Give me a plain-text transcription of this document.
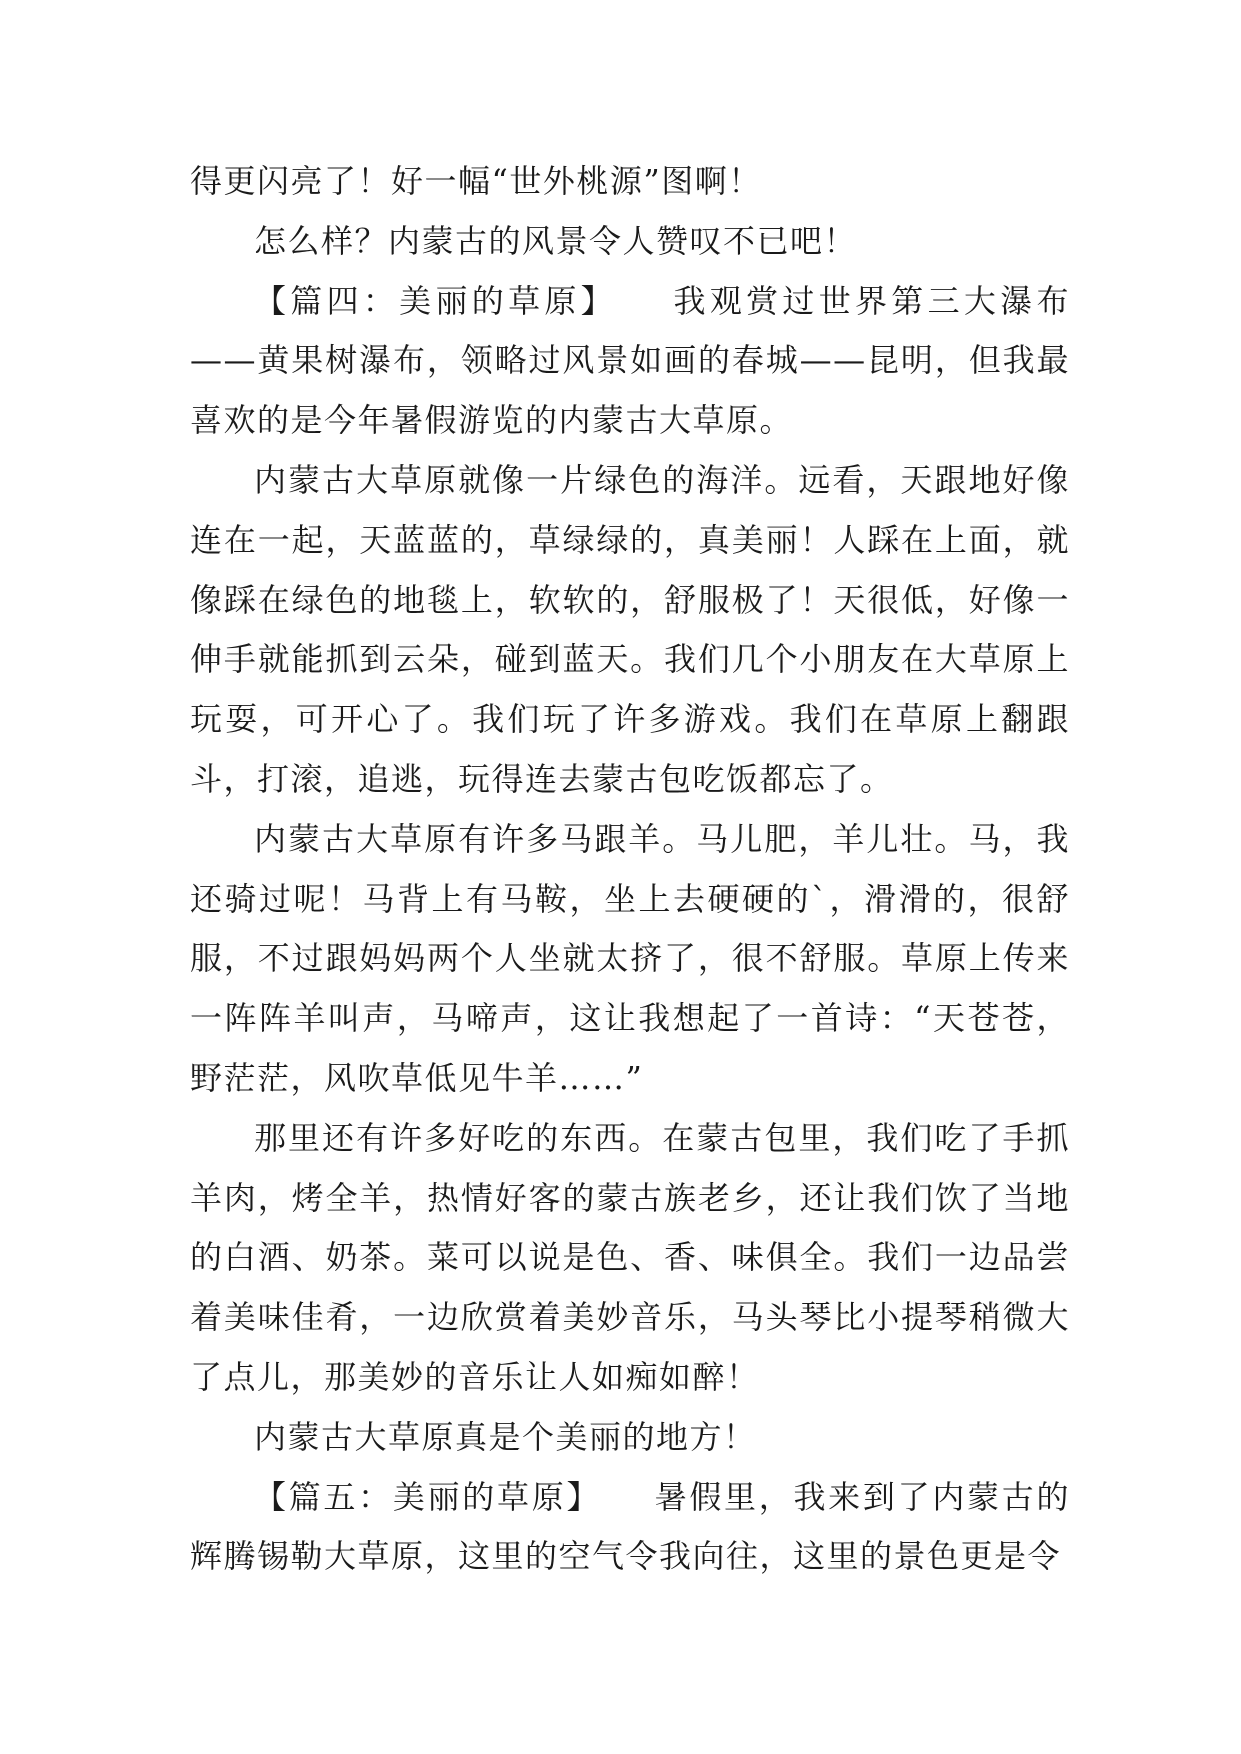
得更闪亮了！好一幅“世外桃源”图啊！

怎么样？内蒙古的风景令人赞叹不已吧！

【篇四：美丽的草原】　　我观赏过世界第三大瀑布——黄果树瀑布，领略过风景如画的春城——昆明，但我最喜欢的是今年暑假游览的内蒙古大草原。

内蒙古大草原就像一片绿色的海洋。远看，天跟地好像连在一起，天蓝蓝的，草绿绿的，真美丽！人踩在上面，就像踩在绿色的地毯上，软软的，舒服极了！天很低，好像一伸手就能抓到云朵，碰到蓝天。我们几个小朋友在大草原上玩耍，可开心了。我们玩了许多游戏。我们在草原上翻跟斗，打滚，追逃，玩得连去蒙古包吃饭都忘了。

内蒙古大草原有许多马跟羊。马儿肥，羊儿壮。马，我还骑过呢！马背上有马鞍，坐上去硬硬的`，滑滑的，很舒服，不过跟妈妈两个人坐就太挤了，很不舒服。草原上传来一阵阵羊叫声，马啼声，这让我想起了一首诗：“天苍苍，野茫茫，风吹草低见牛羊……”

那里还有许多好吃的东西。在蒙古包里，我们吃了手抓羊肉，烤全羊，热情好客的蒙古族老乡，还让我们饮了当地的白酒、奶茶。菜可以说是色、香、味俱全。我们一边品尝着美味佳肴，一边欣赏着美妙音乐，马头琴比小提琴稍微大了点儿，那美妙的音乐让人如痴如醉！

内蒙古大草原真是个美丽的地方！

【篇五：美丽的草原】　　暑假里，我来到了内蒙古的辉腾锡勒大草原，这里的空气令我向往，这里的景色更是令
